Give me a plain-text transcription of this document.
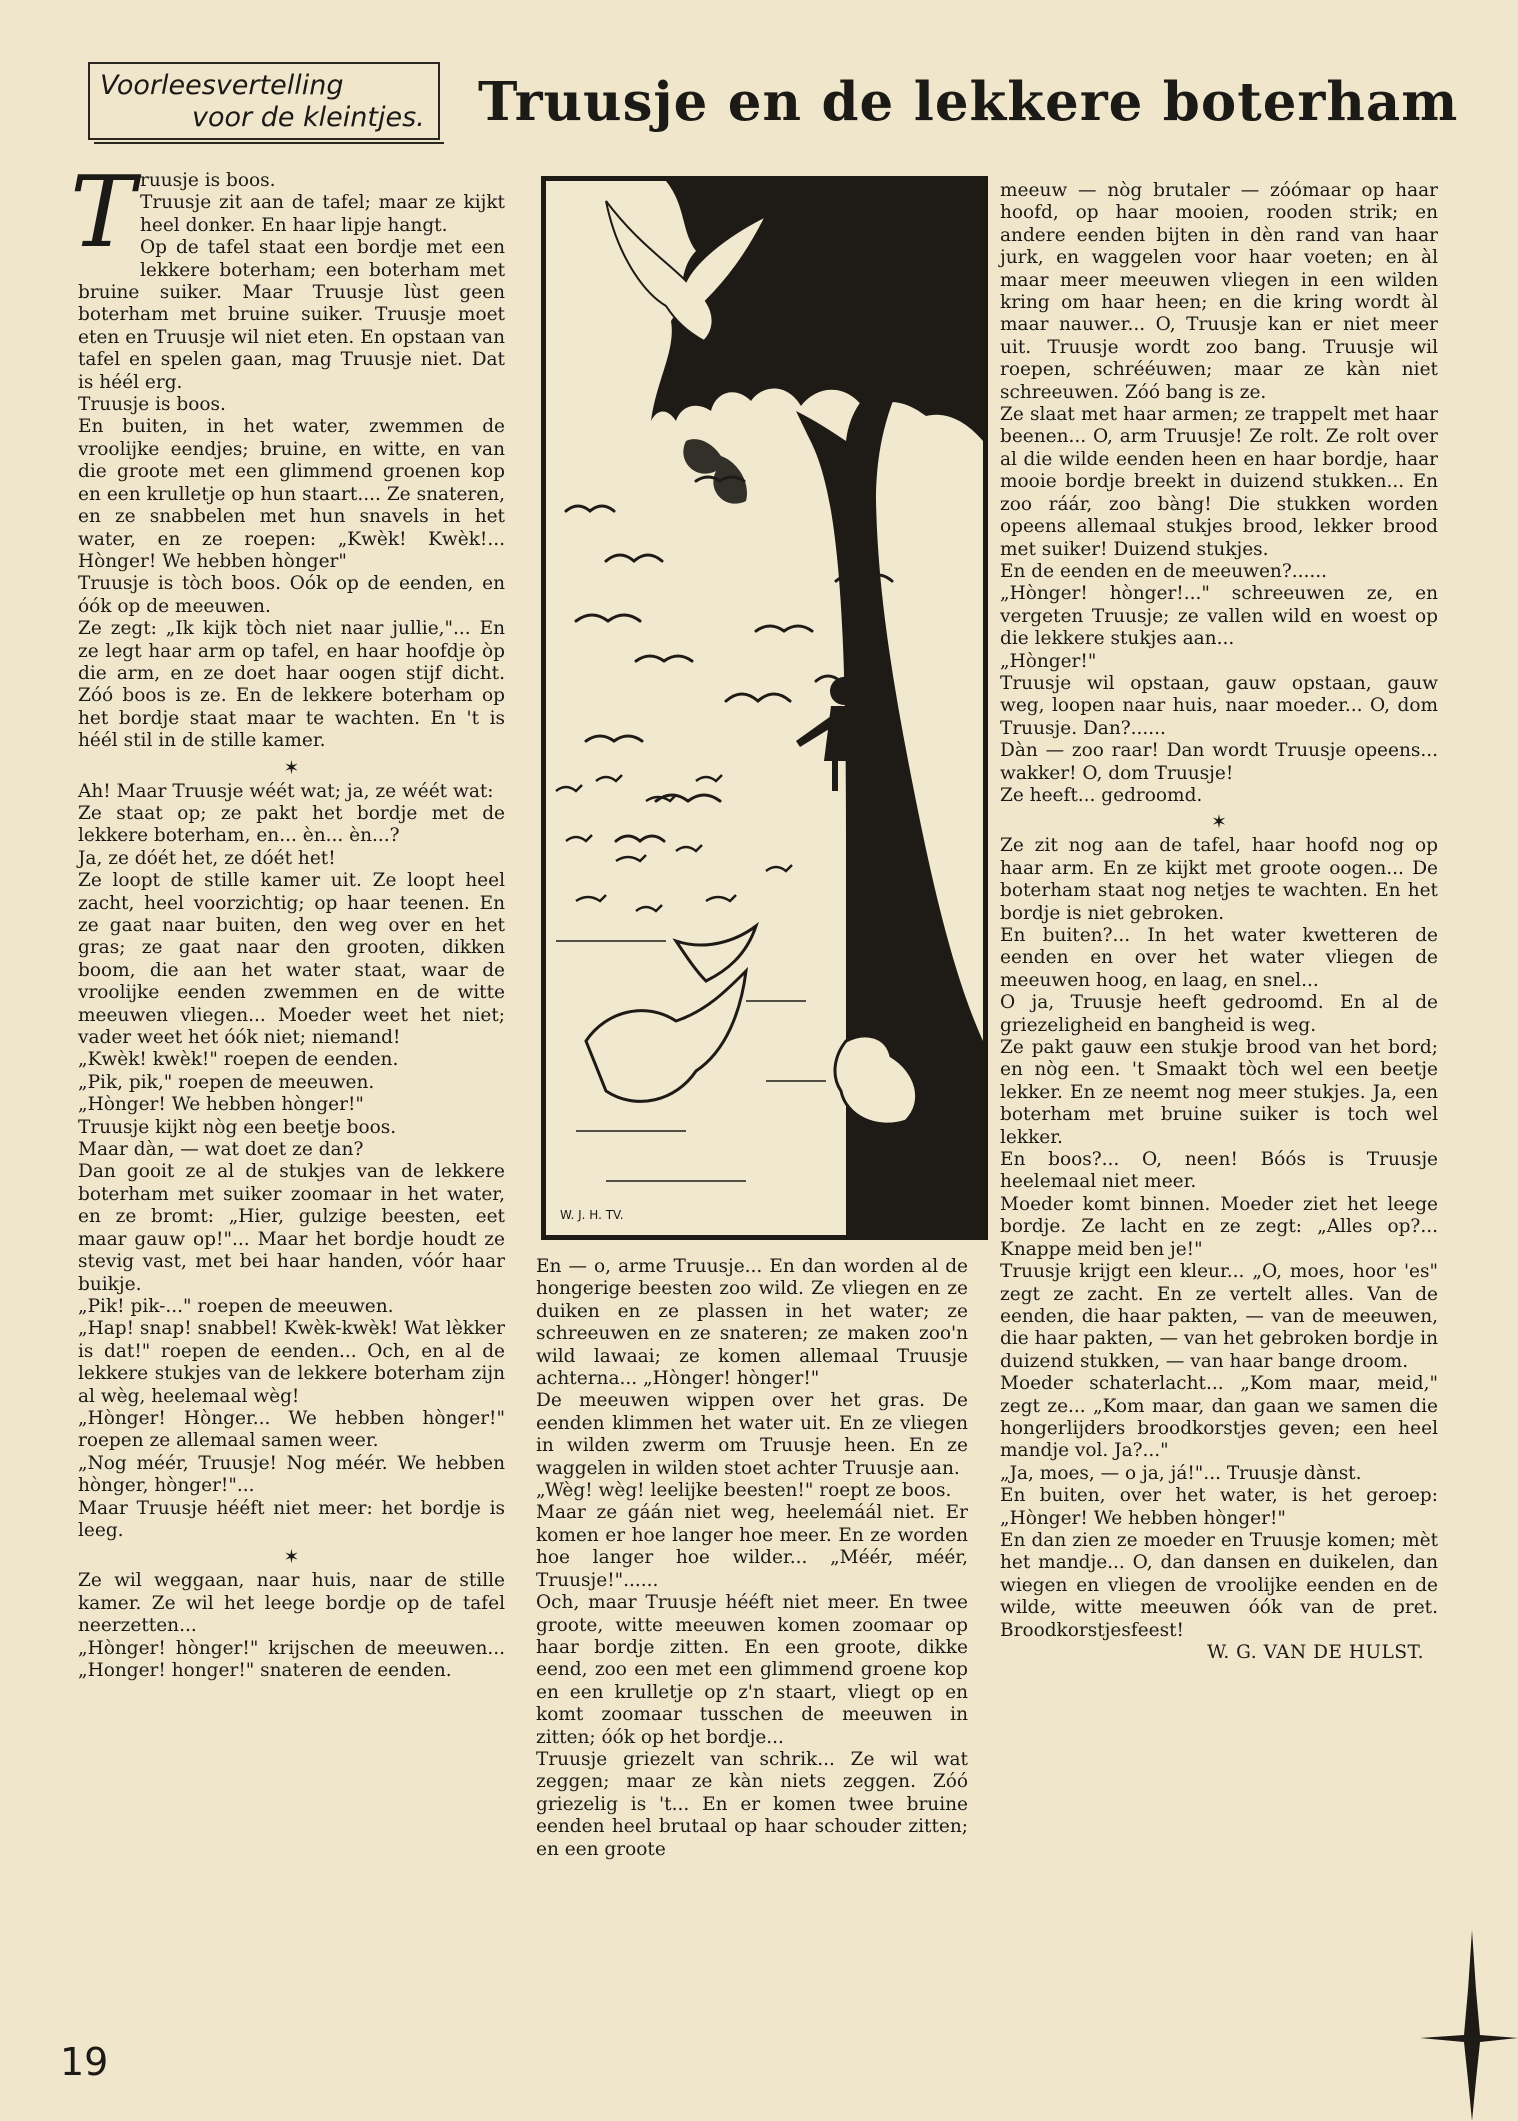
Voorleesvertelling
voor de kleintjes. Truusje en de lekkere boterham

Truusje is boos.

Truusje zit aan de tafel; maar ze kijkt heel donker. En haar lipje hangt.

Op de tafel staat een bordje met een lekkere boterham; een boterham met bruine suiker. Maar Truusje lùst geen boterham met bruine suiker. Truusje moet eten en Truusje wil niet eten. En opstaan van tafel en spelen gaan, mag Truusje niet. Dat is héél erg.

Truusje is boos.

En buiten, in het water, zwemmen de vroolijke eendjes; bruine, en witte, en van die groote met een glimmend groenen kop en een krulletje op hun staart.... Ze snateren, en ze snabbelen met hun snavels in het water, en ze roepen: „Kwèk! Kwèk!... Hònger! We hebben hònger"

Truusje is tòch boos. Oók op de eenden, en óók op de meeuwen.

Ze zegt: „Ik kijk tòch niet naar jullie,"... En ze legt haar arm op tafel, en haar hoofdje òp die arm, en ze doet haar oogen stijf dicht. Zóó boos is ze. En de lekkere boterham op het bordje staat maar te wachten. En 't is héél stil in de stille kamer.

✶

Ah! Maar Truusje wéét wat; ja, ze wéét wat:

Ze staat op; ze pakt het bordje met de lekkere boterham, en... èn... èn...?

Ja, ze dóét het, ze dóét het!

Ze loopt de stille kamer uit. Ze loopt heel zacht, heel voorzichtig; op haar teenen. En ze gaat naar buiten, den weg over en het gras; ze gaat naar den grooten, dikken boom, die aan het water staat, waar de vroolijke eenden zwemmen en de witte meeuwen vliegen... Moeder weet het niet; vader weet het óók niet; niemand!

„Kwèk! kwèk!" roepen de eenden.

„Pik, pik," roepen de meeuwen.

„Hònger! We hebben hònger!"

Truusje kijkt nòg een beetje boos.

Maar dàn, — wat doet ze dan?

Dan gooit ze al de stukjes van de lekkere boterham met suiker zoomaar in het water, en ze bromt: „Hier, gulzige beesten, eet maar gauw op!"... Maar het bordje houdt ze stevig vast, met bei haar handen, vóór haar buikje.

„Pik! pik-..." roepen de meeuwen.

„Hap! snap! snabbel! Kwèk-kwèk! Wat lèkker is dat!" roepen de eenden... Och, en al de lekkere stukjes van de lekkere boterham zijn al wèg, heelemaal wèg!

„Hònger! Hònger... We hebben hònger!" roepen ze allemaal samen weer.

„Nog méér, Truusje! Nog méér. We hebben hònger, hònger!"...

Maar Truusje hééft niet meer: het bordje is leeg.

✶

Ze wil weggaan, naar huis, naar de stille kamer. Ze wil het leege bordje op de tafel neerzetten...

„Hònger! hònger!" krijschen de meeuwen... „Honger! honger!" snateren de eenden.

W. J. H. TV.

En — o, arme Truusje... En dan worden al de hongerige beesten zoo wild. Ze vliegen en ze duiken en ze plassen in het water; ze schreeuwen en ze snateren; ze maken zoo'n wild lawaai; ze komen allemaal Truusje achterna... „Hònger! hònger!"

De meeuwen wippen over het gras. De eenden klimmen het water uit. En ze vliegen in wilden zwerm om Truusje heen. En ze waggelen in wilden stoet achter Truusje aan.

„Wèg! wèg! leelijke beesten!" roept ze boos.

Maar ze gáán niet weg, heelemáál niet. Er komen er hoe langer hoe meer. En ze worden hoe langer hoe wilder... „Méér, méér, Truusje!"......

Och, maar Truusje hééft niet meer. En twee groote, witte meeuwen komen zoomaar op haar bordje zitten. En een groote, dikke eend, zoo een met een glimmend groene kop en een krulletje op z'n staart, vliegt op en komt zoomaar tusschen de meeuwen in zitten; óók op het bordje...

Truusje griezelt van schrik... Ze wil wat zeggen; maar ze kàn niets zeggen. Zóó griezelig is 't... En er komen twee bruine eenden heel brutaal op haar schouder zitten; en een groote

meeuw — nòg brutaler — zóómaar op haar hoofd, op haar mooien, rooden strik; en andere eenden bijten in dèn rand van haar jurk, en waggelen voor haar voeten; en àl maar meer meeuwen vliegen in een wilden kring om haar heen; en die kring wordt àl maar nauwer... O, Truusje kan er niet meer uit. Truusje wordt zoo bang. Truusje wil roepen, schrééuwen; maar ze kàn niet schreeuwen. Zóó bang is ze.

Ze slaat met haar armen; ze trappelt met haar beenen... O, arm Truusje! Ze rolt. Ze rolt over al die wilde eenden heen en haar bordje, haar mooie bordje breekt in duizend stukken... En zoo ráár, zoo bàng! Die stukken worden opeens allemaal stukjes brood, lekker brood met suiker! Duizend stukjes.

En de eenden en de meeuwen?......

„Hònger! hònger!..." schreeuwen ze, en vergeten Truusje; ze vallen wild en woest op die lekkere stukjes aan...

„Hònger!"

Truusje wil opstaan, gauw opstaan, gauw weg, loopen naar huis, naar moeder... O, dom Truusje. Dan?......

Dàn — zoo raar! Dan wordt Truusje opeens... wakker! O, dom Truusje!

Ze heeft... gedroomd.

✶

Ze zit nog aan de tafel, haar hoofd nog op haar arm. En ze kijkt met groote oogen... De boterham staat nog netjes te wachten. En het bordje is niet gebroken.

En buiten?... In het water kwetteren de eenden en over het water vliegen de meeuwen hoog, en laag, en snel...

O ja, Truusje heeft gedroomd. En al de griezeligheid en bangheid is weg.

Ze pakt gauw een stukje brood van het bord; en nòg een. 't Smaakt tòch wel een beetje lekker. En ze neemt nog meer stukjes. Ja, een boterham met bruine suiker is toch wel lekker.

En boos?... O, neen! Bóós is Truusje heelemaal niet meer.

Moeder komt binnen. Moeder ziet het leege bordje. Ze lacht en ze zegt: „Alles op?... Knappe meid ben je!"

Truusje krijgt een kleur... „O, moes, hoor 'es" zegt ze zacht. En ze vertelt alles. Van de eenden, die haar pakten, — van de meeuwen, die haar pakten, — van het gebroken bordje in duizend stukken, — van haar bange droom.

Moeder schaterlacht... „Kom maar, meid," zegt ze... „Kom maar, dan gaan we samen die hongerlijders broodkorstjes geven; een heel mandje vol. Ja?..."

„Ja, moes, — o ja, já!"... Truusje dànst.

En buiten, over het water, is het geroep: „Hònger! We hebben hònger!"

En dan zien ze moeder en Truusje komen; mèt het mandje... O, dan dansen en duikelen, dan wiegen en vliegen de vroolijke eenden en de wilde, witte meeuwen óók van de pret. Broodkorstjesfeest!

W. G. VAN DE HULST.

19
